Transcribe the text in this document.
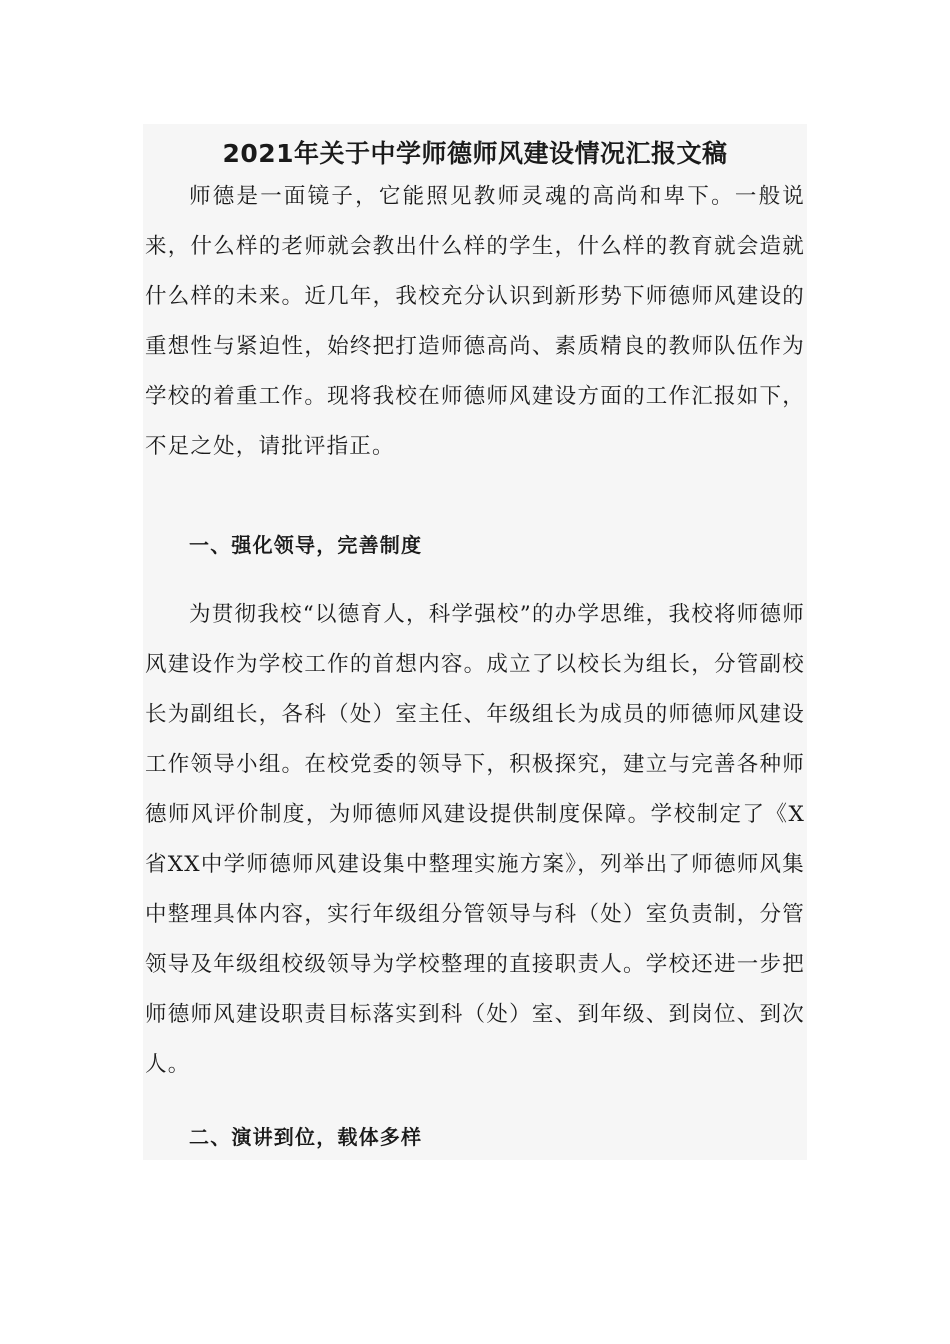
2021年关于中学师德师风建设情况汇报文稿

师德是一面镜子，它能照见教师灵魂的高尚和卑下。一般说来，什么样的老师就会教出什么样的学生，什么样的教育就会造就什么样的未来。近几年，我校充分认识到新形势下师德师风建设的重想性与紧迫性，始终把打造师德高尚、素质精良的教师队伍作为学校的着重工作。现将我校在师德师风建设方面的工作汇报如下，不足之处，请批评指正。

一、强化领导，完善制度

为贯彻我校“以德育人，科学强校”的办学思维，我校将师德师风建设作为学校工作的首想内容。成立了以校长为组长，分管副校长为副组长，各科（处）室主任、年级组长为成员的师德师风建设工作领导小组。在校党委的领导下，积极探究，建立与完善各种师德师风评价制度，为师德师风建设提供制度保障。学校制定了《X省XX中学师德师风建设集中整理实施方案》，列举出了师德师风集中整理具体内容，实行年级组分管领导与科（处）室负责制，分管领导及年级组校级领导为学校整理的直接职责人。学校还进一步把师德师风建设职责目标落实到科（处）室、到年级、到岗位、到次人。

二、演讲到位，载体多样
